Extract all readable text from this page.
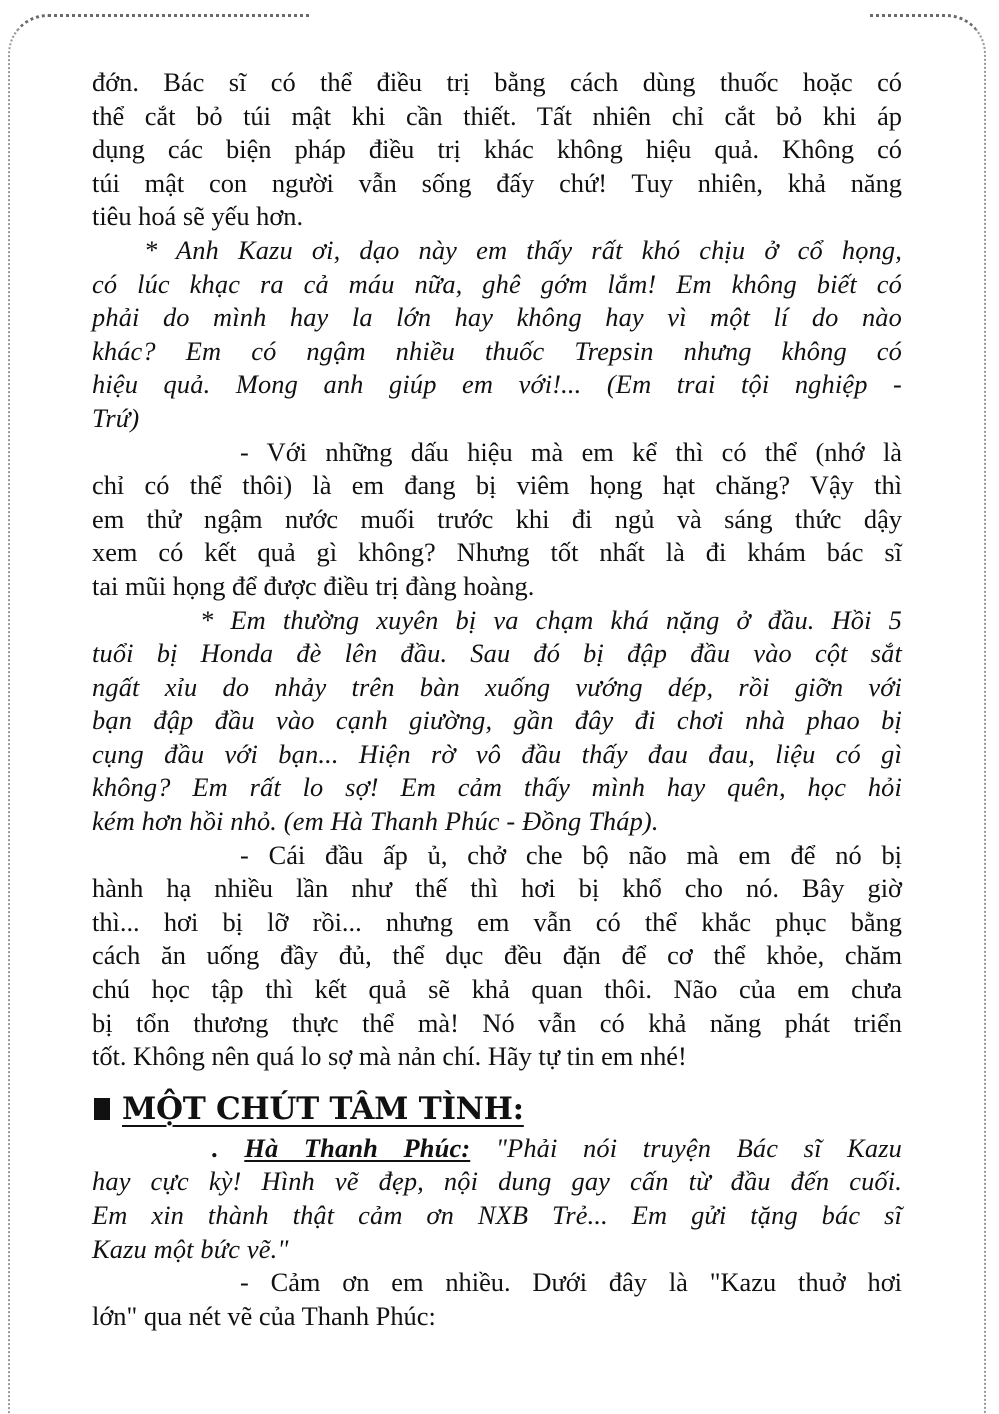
đớn. Bác sĩ có thể điều trị bằng cách dùng thuốc hoặc có
thể cắt bỏ túi mật khi cần thiết. Tất nhiên chỉ cắt bỏ khi áp
dụng các biện pháp điều trị khác không hiệu quả. Không có
túi mật con người vẫn sống đấy chứ! Tuy nhiên, khả năng
tiêu hoá sẽ yếu hơn.

* Anh Kazu ơi, dạo này em thấy rất khó chịu ở cổ họng,
có lúc khạc ra cả máu nữa, ghê gớm lắm! Em không biết có
phải do mình hay la lớn hay không hay vì một lí do nào
khác? Em có ngậm nhiều thuốc Trepsin nhưng không có
hiệu quả. Mong anh giúp em với!... (Em trai tội nghiệp -
Trứ)

- Với những dấu hiệu mà em kể thì có thể (nhớ là
chỉ có thể thôi) là em đang bị viêm họng hạt chăng? Vậy thì
em thử ngậm nước muối trước khi đi ngủ và sáng thức dậy
xem có kết quả gì không? Nhưng tốt nhất là đi khám bác sĩ
tai mũi họng để được điều trị đàng hoàng.

* Em thường xuyên bị va chạm khá nặng ở đầu. Hồi 5
tuổi bị Honda đè lên đầu. Sau đó bị đập đầu vào cột sắt
ngất xỉu do nhảy trên bàn xuống vướng dép, rồi giỡn với
bạn đập đầu vào cạnh giường, gần đây đi chơi nhà phao bị
cụng đầu với bạn... Hiện rờ vô đầu thấy đau đau, liệu có gì
không? Em rất lo sợ! Em cảm thấy mình hay quên, học hỏi
kém hơn hồi nhỏ. (em Hà Thanh Phúc - Đồng Tháp).

- Cái đầu ấp ủ, chở che bộ não mà em để nó bị
hành hạ nhiều lần như thế thì hơi bị khổ cho nó. Bây giờ
thì... hơi bị lỡ rồi... nhưng em vẫn có thể khắc phục bằng
cách ăn uống đầy đủ, thể dục đều đặn để cơ thể khỏe, chăm
chú học tập thì kết quả sẽ khả quan thôi. Não của em chưa
bị tổn thương thực thể mà! Nó vẫn có khả năng phát triển
tốt. Không nên quá lo sợ mà nản chí. Hãy tự tin em nhé!

MỘT CHÚT TÂM TÌNH:

. Hà Thanh Phúc: "Phải nói truyện Bác sĩ Kazu
hay cực kỳ! Hình vẽ đẹp, nội dung gay cấn từ đầu đến cuối.
Em xin thành thật cảm ơn NXB Trẻ... Em gửi tặng bác sĩ
Kazu một bức vẽ."

- Cảm ơn em nhiều. Dưới đây là "Kazu thuở hơi
lớn" qua nét vẽ của Thanh Phúc:
